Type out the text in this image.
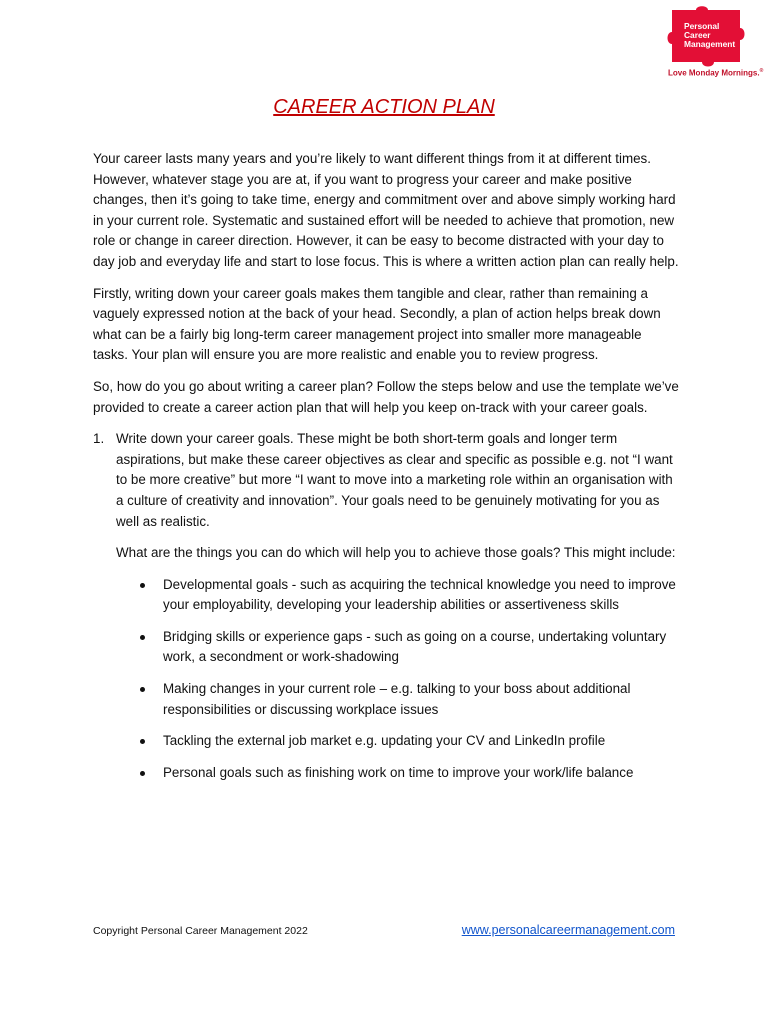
Personal
Career
Management
Love Monday Mornings.®
CAREER ACTION PLAN

Your career lasts many years and you’re likely to want different things from it at different times. However, whatever stage you are at, if you want to progress your career and make positive changes, then it’s going to take time, energy and commitment over and above simply working hard in your current role. Systematic and sustained effort will be needed to achieve that promotion, new role or change in career direction. However, it can be easy to become distracted with your day to day job and everyday life and start to lose focus. This is where a written action plan can really help.

Firstly, writing down your career goals makes them tangible and clear, rather than remaining a vaguely expressed notion at the back of your head. Secondly, a plan of action helps break down what can be a fairly big long-term career management project into smaller more manageable tasks. Your plan will ensure you are more realistic and enable you to review progress.

So, how do you go about writing a career plan? Follow the steps below and use the template we’ve provided to create a career action plan that will help you keep on-track with your career goals.

1. Write down your career goals. These might be both short-term goals and longer term aspirations, but make these career objectives as clear and specific as possible e.g. not “I want to be more creative” but more “I want to move into a marketing role within an organisation with a culture of creativity and innovation”. Your goals need to be genuinely motivating for you as well as realistic.

What are the things you can do which will help you to achieve those goals? This might include:

Developmental goals - such as acquiring the technical knowledge you need to improve your employability, developing your leadership abilities or assertiveness skills
Bridging skills or experience gaps - such as going on a course, undertaking voluntary work, a secondment or work-shadowing
Making changes in your current role – e.g. talking to your boss about additional responsibilities or discussing workplace issues
Tackling the external job market e.g. updating your CV and LinkedIn profile
Personal goals such as finishing work on time to improve your work/life balance
Copyright Personal Career Management 2022	www.personalcareermanagement.com
